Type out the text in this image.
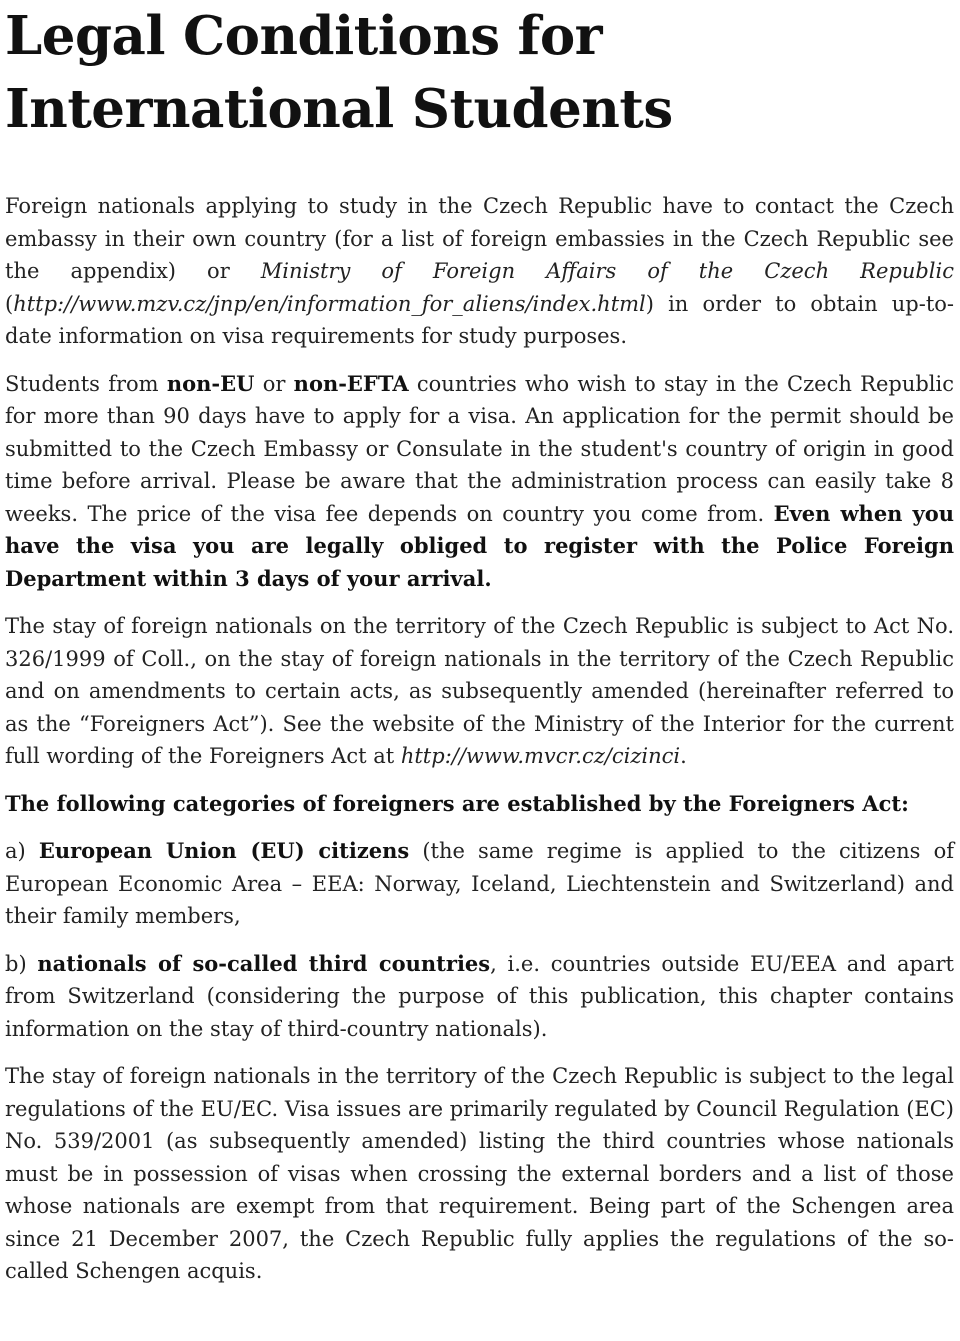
Legal Conditions for
International Students

Foreign nationals applying to study in the Czech Republic have to contact the Czech embassy in their own country (for a list of foreign embassies in the Czech Republic see the appendix) or Ministry of Foreign Affairs of the Czech Republic (http://www.mzv.cz/jnp/en/information_for_aliens/index.html) in order to obtain up-to-date information on visa requirements for study purposes.

Students from non-EU or non-EFTA countries who wish to stay in the Czech Republic for more than 90 days have to apply for a visa. An application for the permit should be submitted to the Czech Embassy or Consulate in the student's country of origin in good time before arrival. Please be aware that the administration process can easily take 8 weeks. The price of the visa fee depends on country you come from. Even when you have the visa you are legally obliged to register with the Police Foreign Department within 3 days of your arrival.

The stay of foreign nationals on the territory of the Czech Republic is subject to Act No. 326/1999 of Coll., on the stay of foreign nationals in the territory of the Czech Republic and on amendments to certain acts, as subsequently amended (hereinafter referred to as the “Foreigners Act”). See the website of the Ministry of the Interior for the current full wording of the Foreigners Act at http://www.mvcr.cz/cizinci.

The following categories of foreigners are established by the Foreigners Act:

a) European Union (EU) citizens (the same regime is applied to the citizens of European Economic Area – EEA: Norway, Iceland, Liechtenstein and Switzerland) and their family members,

b) nationals of so-called third countries, i.e. countries outside EU/EEA and apart from Switzerland (considering the purpose of this publication, this chapter contains information on the stay of third-country nationals).

The stay of foreign nationals in the territory of the Czech Republic is subject to the legal regulations of the EU/EC. Visa issues are primarily regulated by Council Regulation (EC) No. 539/2001 (as subsequently amended) listing the third countries whose nationals must be in possession of visas when crossing the external borders and a list of those whose nationals are exempt from that requirement. Being part of the Schengen area since 21 December 2007, the Czech Republic fully applies the regulations of the so-called Schengen acquis.
